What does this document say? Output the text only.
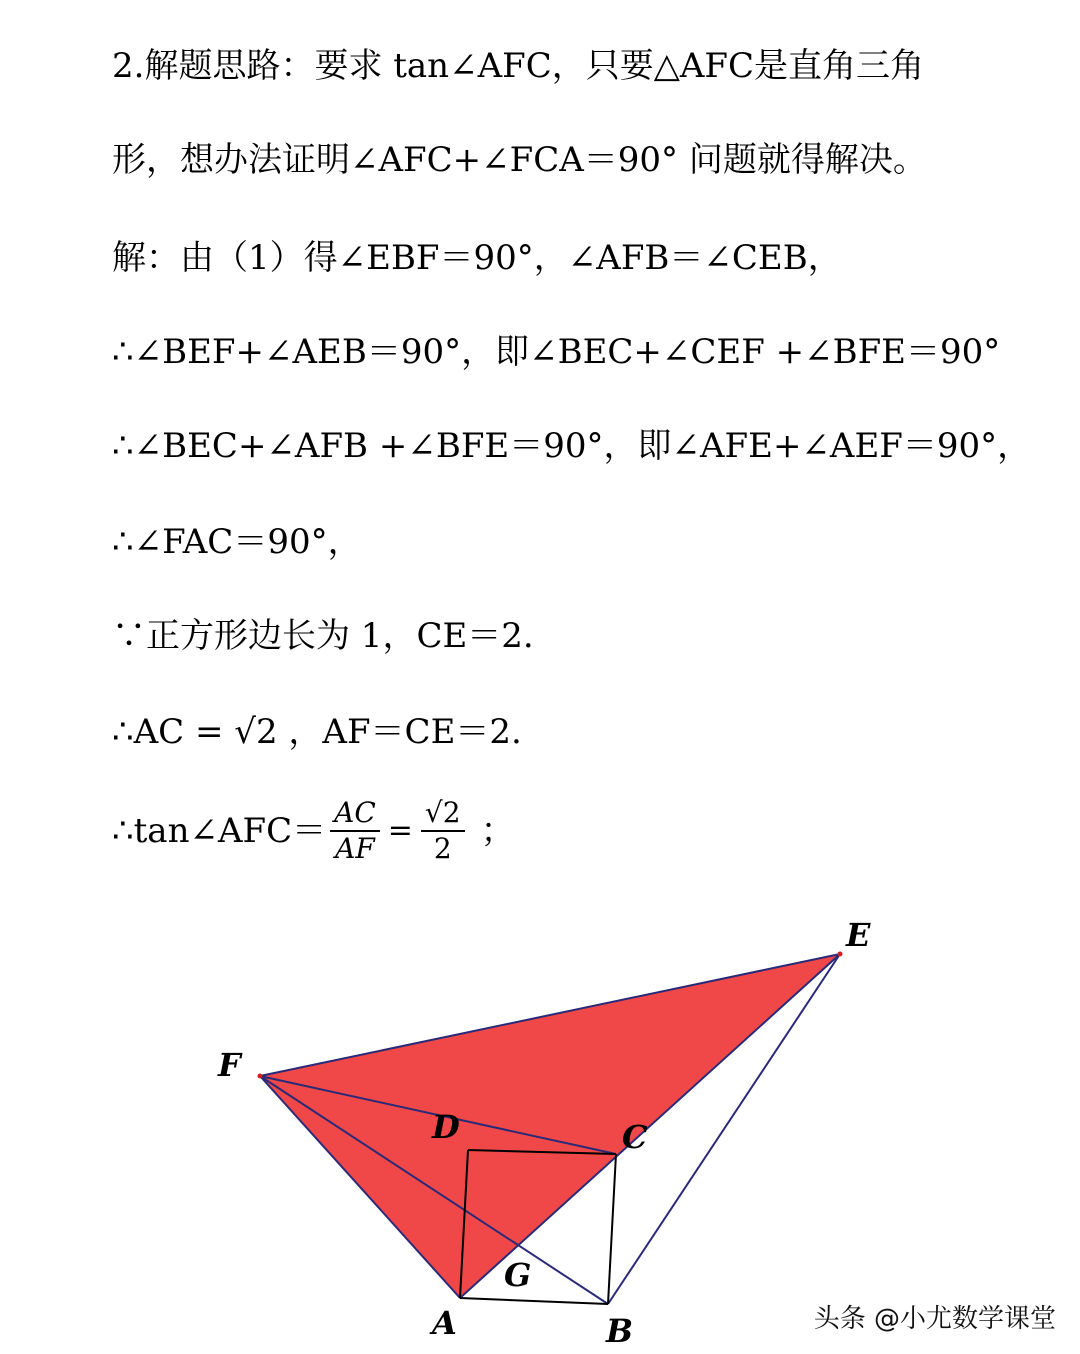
2.解题思路：要求 tan∠AFC，只要△AFC是直角三角
形，想办法证明∠AFC+∠FCA＝90° 问题就得解决。
解：由（1）得∠EBF＝90°，∠AFB＝∠CEB，
∴∠BEF+∠AEB＝90°，即∠BEC+∠CEF +∠BFE＝90°
∴∠BEC+∠AFB +∠BFE＝90°，即∠AFE+∠AEF＝90°，
∴∠FAC＝90°，
∵正方形边长为 1，CE＝2.
∴AC = √2 ，AF＝CE＝2.
∴tan∠AFC＝ $\frac{AC}{AF} = \frac{√2}{2}$ ；
E
F
D	C
G
A	B	头条 @小尤数学课堂
